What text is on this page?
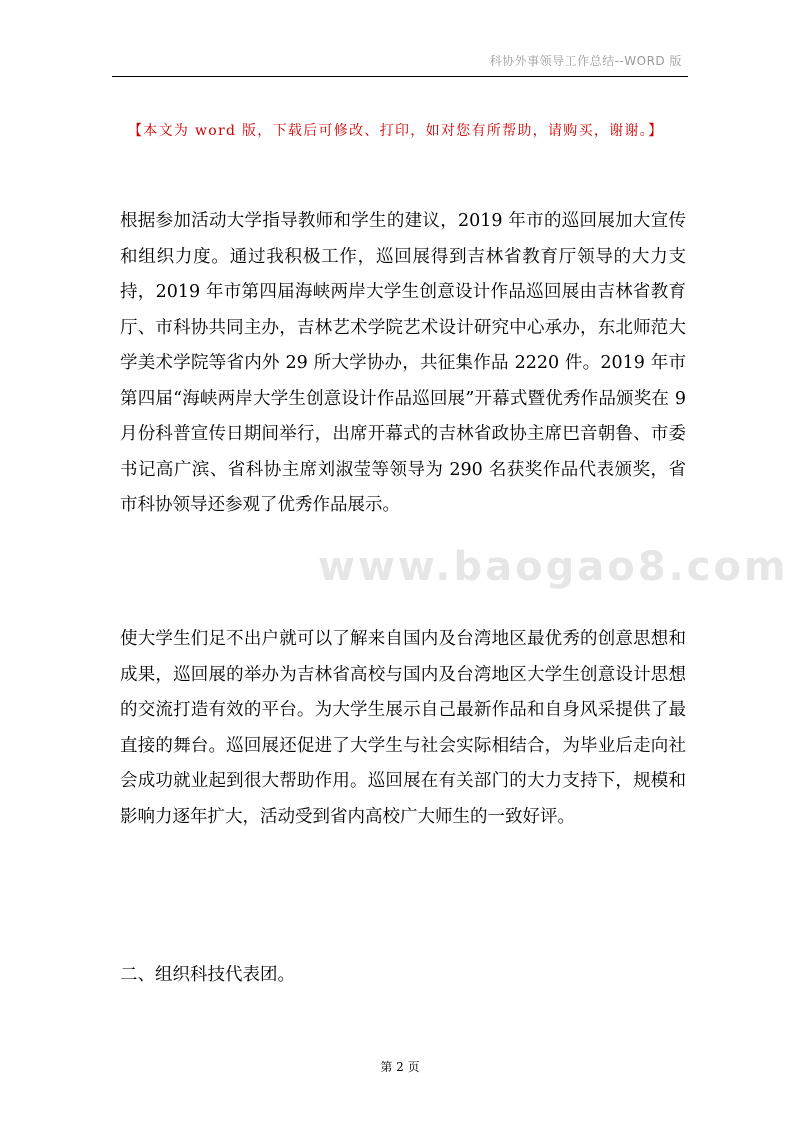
科协外事领导工作总结--WORD 版
【本文为 word 版，下载后可修改、打印，如对您有所帮助，请购买，谢谢。】
根据参加活动大学指导教师和学生的建议，2019 年市的巡回展加大宣传和组织力度。通过我积极工作，巡回展得到吉林省教育厅领导的大力支持，2019 年市第四届海峡两岸大学生创意设计作品巡回展由吉林省教育厅、市科协共同主办，吉林艺术学院艺术设计研究中心承办，东北师范大学美术学院等省内外 29 所大学协办，共征集作品 2220 件。2019 年市第四届“海峡两岸大学生创意设计作品巡回展”开幕式暨优秀作品颁奖在 9 月份科普宣传日期间举行，出席开幕式的吉林省政协主席巴音朝鲁、市委书记高广滨、省科协主席刘淑莹等领导为 290 名获奖作品代表颁奖，省市科协领导还参观了优秀作品展示。
www.baogao8.com
使大学生们足不出户就可以了解来自国内及台湾地区最优秀的创意思想和成果，巡回展的举办为吉林省高校与国内及台湾地区大学生创意设计思想的交流打造有效的平台。为大学生展示自己最新作品和自身风采提供了最直接的舞台。巡回展还促进了大学生与社会实际相结合，为毕业后走向社会成功就业起到很大帮助作用。巡回展在有关部门的大力支持下，规模和影响力逐年扩大，活动受到省内高校广大师生的一致好评。
二、组织科技代表团。
第 2 页
